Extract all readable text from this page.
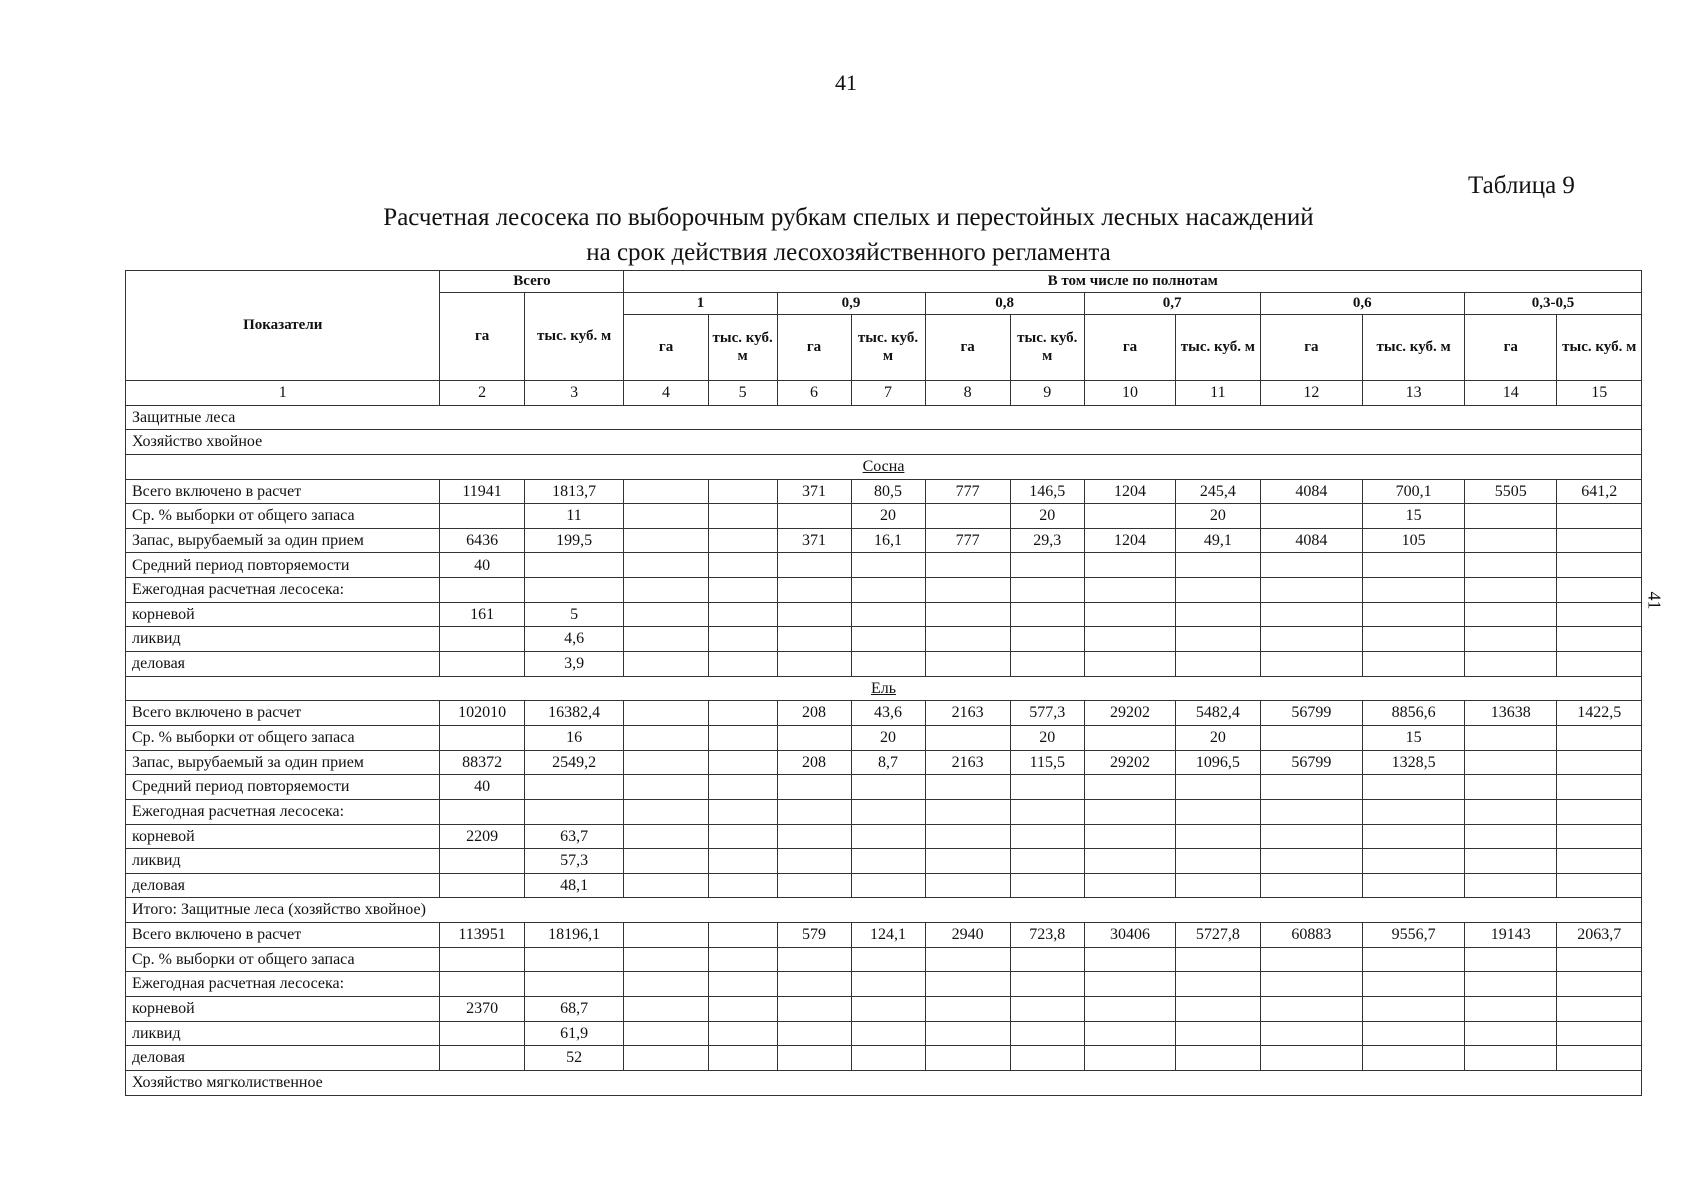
41
41
Таблица 9
Расчетная лесосека по выборочным рубкам спелых и перестойных лесных насаждений
на срок действия лесохозяйственного регламента
Показатели	Всего		В том числе по полнотам											
	га	тыс. куб. м	1		0,9		0,8		0,7		0,6		0,3-0,5	
			га	тыс. куб. м	га	тыс. куб. м	га	тыс. куб. м	га	тыс. куб. м	га	тыс. куб. м	га	тыс. куб. м
1	2	3	4	5	6	7	8	9	10	11	12	13	14	15
Защитные леса														
Хозяйство хвойное														
Сосна														
Всего включено в расчет	11941	1813,7			371	80,5	777	146,5	1204	245,4	4084	700,1	5505	641,2
Ср. % выборки от общего запаса		11				20		20		20		15		
Запас, вырубаемый за один прием	6436	199,5			371	16,1	777	29,3	1204	49,1	4084	105		
Средний период повторяемости	40													
Ежегодная расчетная лесосека:														
корневой	161	5												
ликвид		4,6												
деловая		3,9												
Ель														
Всего включено в расчет	102010	16382,4			208	43,6	2163	577,3	29202	5482,4	56799	8856,6	13638	1422,5
Ср. % выборки от общего запаса		16				20		20		20		15		
Запас, вырубаемый за один прием	88372	2549,2			208	8,7	2163	115,5	29202	1096,5	56799	1328,5		
Средний период повторяемости	40													
Ежегодная расчетная лесосека:														
корневой	2209	63,7												
ликвид		57,3												
деловая		48,1												
Итого: Защитные леса (хозяйство хвойное)														
Всего включено в расчет	113951	18196,1			579	124,1	2940	723,8	30406	5727,8	60883	9556,7	19143	2063,7
Ср. % выборки от общего запаса														
Ежегодная расчетная лесосека:														
корневой	2370	68,7												
ликвид		61,9												
деловая		52												
Хозяйство мягколиственное														
